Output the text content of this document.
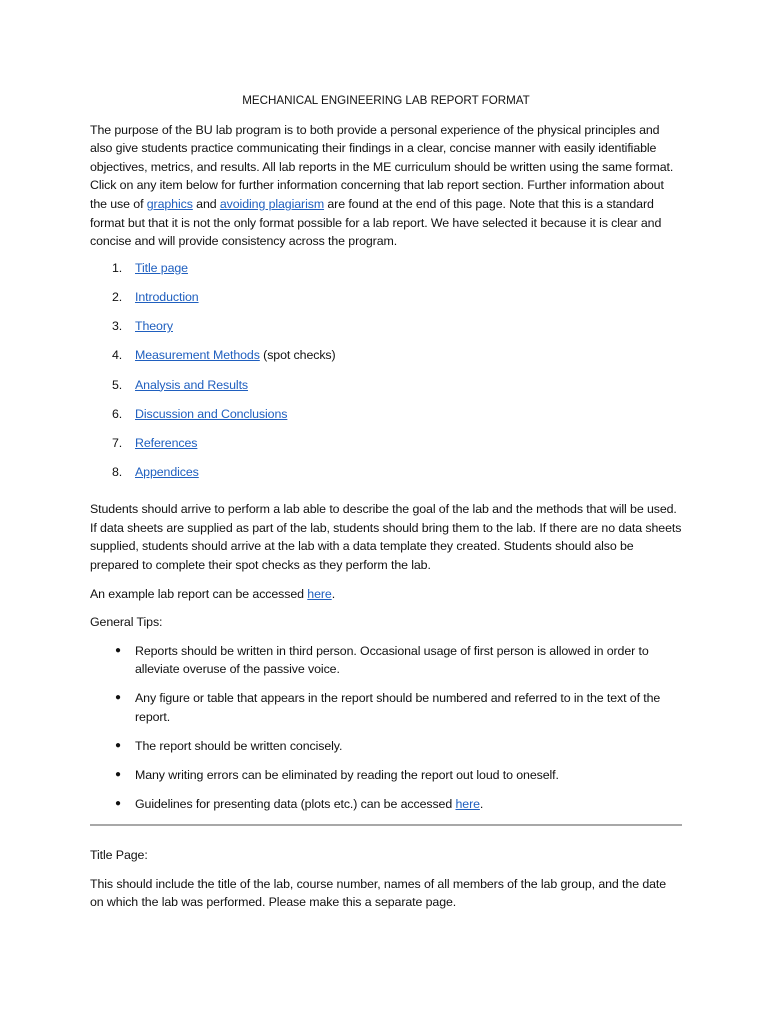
MECHANICAL ENGINEERING LAB REPORT FORMAT

The purpose of the BU lab program is to both provide a personal experience of the physical principles and also give students practice communicating their findings in a clear, concise manner with easily identifiable objectives, metrics, and results. All lab reports in the ME curriculum should be written using the same format. Click on any item below for further information concerning that lab report section. Further information about the use of graphics and avoiding plagiarism are found at the end of this page. Note that this is a standard format but that it is not the only format possible for a lab report. We have selected it because it is clear and concise and will provide consistency across the program.

1. Title page
2. Introduction
3. Theory
4. Measurement Methods (spot checks)
5. Analysis and Results
6. Discussion and Conclusions
7. References
8. Appendices

Students should arrive to perform a lab able to describe the goal of the lab and the methods that will be used. If data sheets are supplied as part of the lab, students should bring them to the lab. If there are no data sheets supplied, students should arrive at the lab with a data template they created. Students should also be prepared to complete their spot checks as they perform the lab.

An example lab report can be accessed here.

General Tips:

● Reports should be written in third person. Occasional usage of first person is allowed in order to alleviate overuse of the passive voice.
● Any figure or table that appears in the report should be numbered and referred to in the text of the report.
● The report should be written concisely.
● Many writing errors can be eliminated by reading the report out loud to oneself.
● Guidelines for presenting data (plots etc.) can be accessed here.

Title Page:

This should include the title of the lab, course number, names of all members of the lab group, and the date on which the lab was performed. Please make this a separate page.
